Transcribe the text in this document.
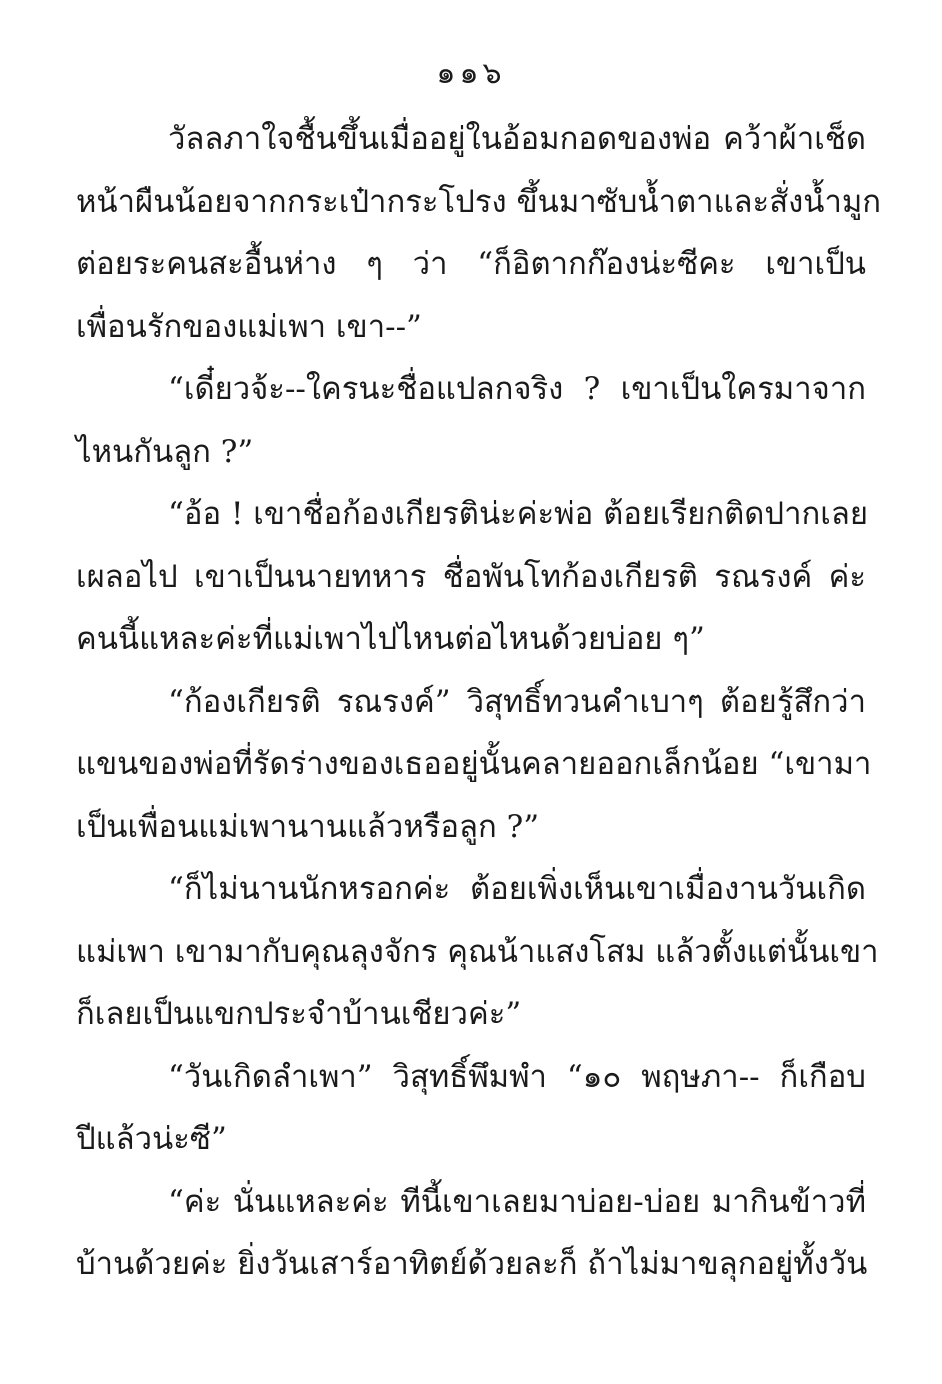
๑๑๖
วัลลภาใจชื้นขึ้นเมื่ออยู่ในอ้อมกอดของพ่อ คว้าผ้าเช็ด
หน้าผืนน้อยจากกระเป๋ากระโปรง ขึ้นมาซับน้ำตาและสั่งน้ำมูก
ต่อยระคนสะอื้นห่าง ๆ ว่า “ก็อิตากก๊องน่ะซีคะ เขาเป็น
เพื่อนรักของแม่เพา เขา--”
“เดี๋ยวจ้ะ--ใครนะชื่อแปลกจริง ? เขาเป็นใครมาจาก
ไหนกันลูก ?”
“อ้อ ! เขาชื่อก้องเกียรติน่ะค่ะพ่อ ต้อยเรียกติดปากเลย
เผลอไป เขาเป็นนายทหาร ชื่อพันโทก้องเกียรติ รณรงค์ ค่ะ
คนนี้แหละค่ะที่แม่เพาไปไหนต่อไหนด้วยบ่อย ๆ”
“ก้องเกียรติ รณรงค์” วิสุทธิ์ทวนคำเบาๆ ต้อยรู้สึกว่า
แขนของพ่อที่รัดร่างของเธออยู่นั้นคลายออกเล็กน้อย “เขามา
เป็นเพื่อนแม่เพานานแล้วหรือลูก ?”
“ก็ไม่นานนักหรอกค่ะ ต้อยเพิ่งเห็นเขาเมื่องานวันเกิด
แม่เพา เขามากับคุณลุงจักร คุณน้าแสงโสม แล้วตั้งแต่นั้นเขา
ก็เลยเป็นแขกประจำบ้านเชียวค่ะ”
“วันเกิดลำเพา” วิสุทธิ์พึมพำ “๑๐ พฤษภา-- ก็เกือบ
ปีแล้วน่ะซี”
“ค่ะ นั่นแหละค่ะ ทีนี้เขาเลยมาบ่อย-บ่อย มากินข้าวที่
บ้านด้วยค่ะ ยิ่งวันเสาร์อาทิตย์ด้วยละก็ ถ้าไม่มาขลุกอยู่ทั้งวัน
